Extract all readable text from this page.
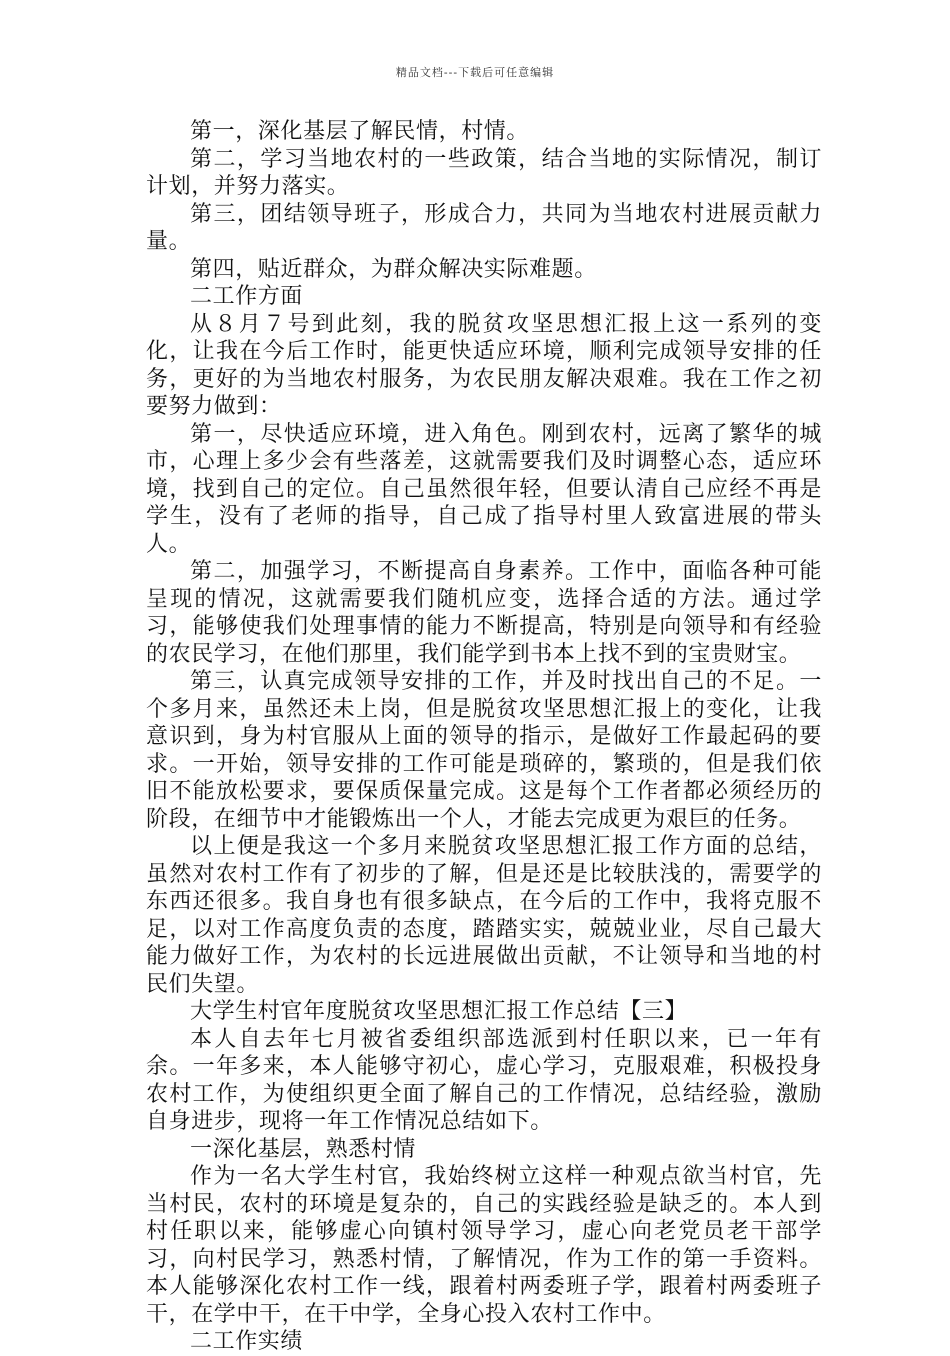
精品文档---下载后可任意编辑

第一，深化基层了解民情，村情。

第二，学习当地农村的一些政策，结合当地的实际情况，制订计划，并努力落实。

第三，团结领导班子，形成合力，共同为当地农村进展贡献力量。

第四，贴近群众，为群众解决实际难题。

二工作方面

从８月７号到此刻，我的脱贫攻坚思想汇报上这一系列的变化，让我在今后工作时，能更快适应环境，顺利完成领导安排的任务，更好的为当地农村服务，为农民朋友解决艰难。我在工作之初要努力做到：

第一，尽快适应环境，进入角色。刚到农村，远离了繁华的城市，心理上多少会有些落差，这就需要我们及时调整心态，适应环境，找到自己的定位。自己虽然很年轻，但要认清自己应经不再是学生，没有了老师的指导，自己成了指导村里人致富进展的带头人。

第二，加强学习，不断提高自身素养。工作中，面临各种可能呈现的情况，这就需要我们随机应变，选择合适的方法。通过学习，能够使我们处理事情的能力不断提高，特别是向领导和有经验的农民学习，在他们那里，我们能学到书本上找不到的宝贵财宝。

第三，认真完成领导安排的工作，并及时找出自己的不足。一个多月来，虽然还未上岗，但是脱贫攻坚思想汇报上的变化，让我意识到，身为村官服从上面的领导的指示，是做好工作最起码的要求。一开始，领导安排的工作可能是琐碎的，繁琐的，但是我们依旧不能放松要求，要保质保量完成。这是每个工作者都必须经历的阶段，在细节中才能锻炼出一个人，才能去完成更为艰巨的任务。

以上便是我这一个多月来脱贫攻坚思想汇报工作方面的总结，虽然对农村工作有了初步的了解，但是还是比较肤浅的，需要学的东西还很多。我自身也有很多缺点，在今后的工作中，我将克服不足，以对工作高度负责的态度，踏踏实实，兢兢业业，尽自己最大能力做好工作，为农村的长远进展做出贡献，不让领导和当地的村民们失望。

大学生村官年度脱贫攻坚思想汇报工作总结【三】

本人自去年七月被省委组织部选派到村任职以来，已一年有余。一年多来，本人能够守初心，虚心学习，克服艰难，积极投身农村工作，为使组织更全面了解自己的工作情况，总结经验，激励自身进步，现将一年工作情况总结如下。

一深化基层，熟悉村情

作为一名大学生村官，我始终树立这样一种观点欲当村官，先当村民，农村的环境是复杂的，自己的实践经验是缺乏的。本人到村任职以来，能够虚心向镇村领导学习，虚心向老党员老干部学习，向村民学习，熟悉村情，了解情况，作为工作的第一手资料。本人能够深化农村工作一线，跟着村两委班子学，跟着村两委班子干，在学中干，在干中学，全身心投入农村工作中。

二工作实绩
